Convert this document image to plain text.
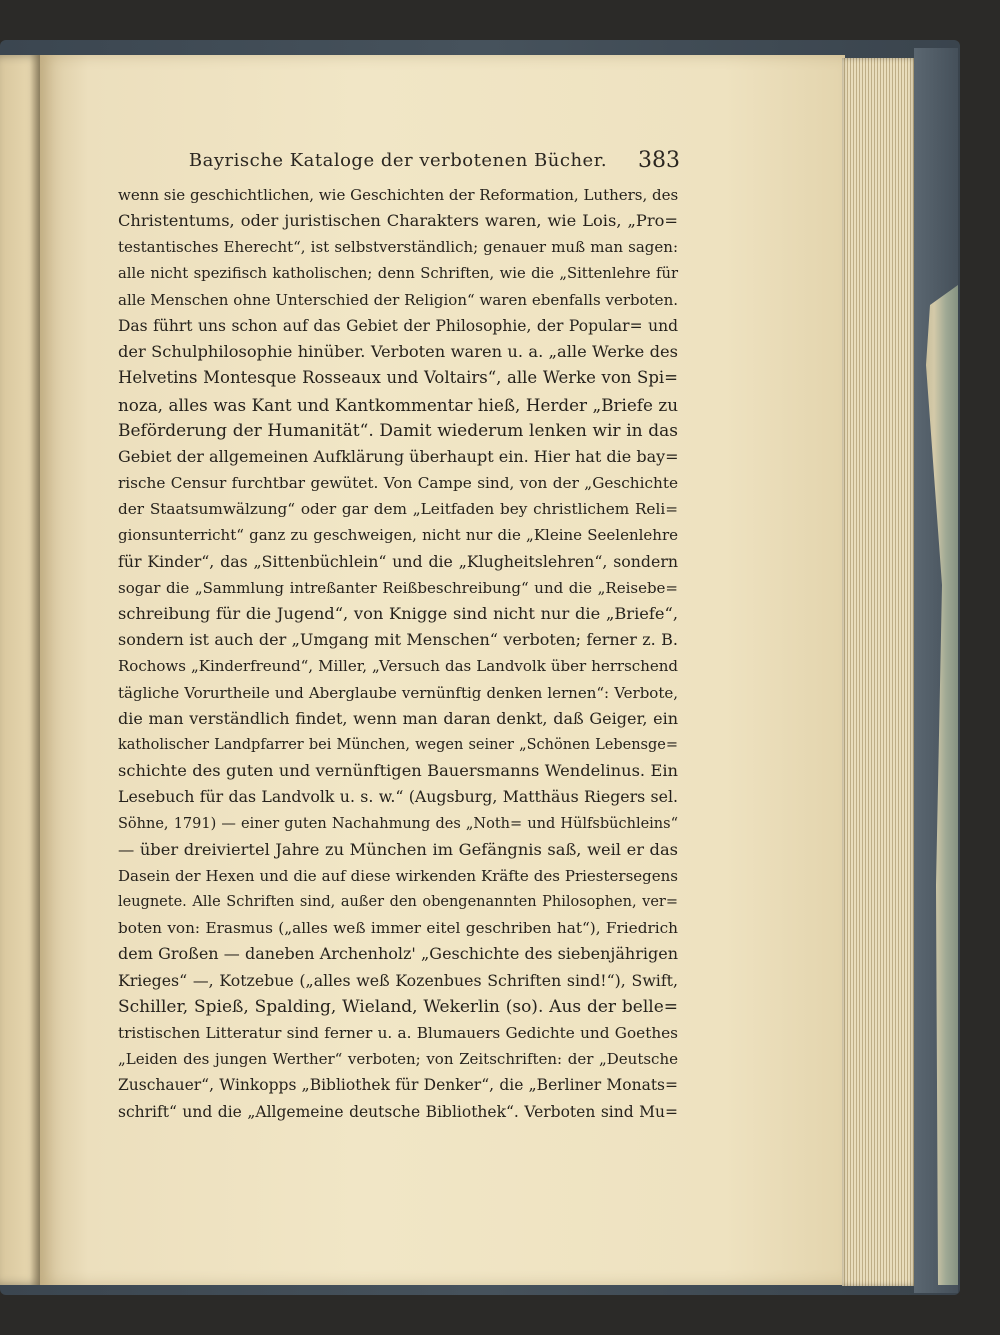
Bayrische Kataloge der verbotenen Bücher.	383
wenn sie geschichtlichen, wie Geschichten der Reformation, Luthers, des
Christentums, oder juristischen Charakters waren, wie Lois, „Pro=
testantisches Eherecht“, ist selbstverständlich; genauer muß man sagen:
alle nicht spezifisch katholischen; denn Schriften, wie die „Sittenlehre für
alle Menschen ohne Unterschied der Religion“ waren ebenfalls verboten.
Das führt uns schon auf das Gebiet der Philosophie, der Popular= und
der Schulphilosophie hinüber. Verboten waren u. a. „alle Werke des
Helvetins Montesque Rosseaux und Voltairs“, alle Werke von Spi=
noza, alles was Kant und Kantkommentar hieß, Herder „Briefe zu
Beförderung der Humanität“. Damit wiederum lenken wir in das
Gebiet der allgemeinen Aufklärung überhaupt ein. Hier hat die bay=
rische Censur furchtbar gewütet. Von Campe sind, von der „Geschichte
der Staatsumwälzung“ oder gar dem „Leitfaden bey christlichem Reli=
gionsunterricht“ ganz zu geschweigen, nicht nur die „Kleine Seelenlehre
für Kinder“, das „Sittenbüchlein“ und die „Klugheitslehren“, sondern
sogar die „Sammlung intreßanter Reißbeschreibung“ und die „Reisebe=
schreibung für die Jugend“, von Knigge sind nicht nur die „Briefe“,
sondern ist auch der „Umgang mit Menschen“ verboten; ferner z. B.
Rochows „Kinderfreund“, Miller, „Versuch das Landvolk über herrschend
tägliche Vorurtheile und Aberglaube vernünftig denken lernen“: Verbote,
die man verständlich findet, wenn man daran denkt, daß Geiger, ein
katholischer Landpfarrer bei München, wegen seiner „Schönen Lebensge=
schichte des guten und vernünftigen Bauersmanns Wendelinus. Ein
Lesebuch für das Landvolk u. s. w.“ (Augsburg, Matthäus Riegers sel.
Söhne, 1791) — einer guten Nachahmung des „Noth= und Hülfsbüchleins“
— über dreiviertel Jahre zu München im Gefängnis saß, weil er das
Dasein der Hexen und die auf diese wirkenden Kräfte des Priestersegens
leugnete. Alle Schriften sind, außer den obengenannten Philosophen, ver=
boten von: Erasmus („alles weß immer eitel geschriben hat“), Friedrich
dem Großen — daneben Archenholz' „Geschichte des siebenjährigen
Krieges“ —, Kotzebue („alles weß Kozenbues Schriften sind!“), Swift,
Schiller, Spieß, Spalding, Wieland, Wekerlin (so). Aus der belle=
tristischen Litteratur sind ferner u. a. Blumauers Gedichte und Goethes
„Leiden des jungen Werther“ verboten; von Zeitschriften: der „Deutsche
Zuschauer“, Winkopps „Bibliothek für Denker“, die „Berliner Monats=
schrift“ und die „Allgemeine deutsche Bibliothek“. Verboten sind Mu=
